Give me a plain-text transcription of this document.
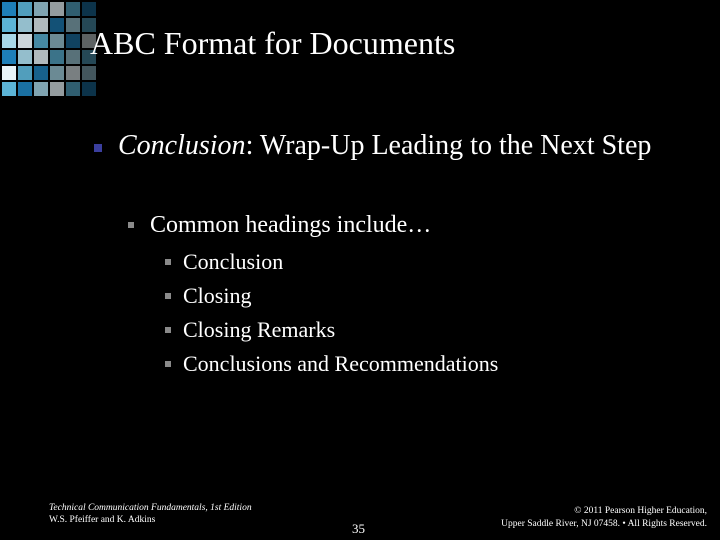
ABC Format for Documents
Conclusion: Wrap-Up Leading to the Next Step
Common headings include…
Conclusion
Closing
Closing Remarks
Conclusions and Recommendations
Technical Communication Fundamentals, 1st Edition
W.S. Pfeiffer and K. Adkins
35
© 2011 Pearson Higher Education,
Upper Saddle River, NJ 07458. • All Rights Reserved.
